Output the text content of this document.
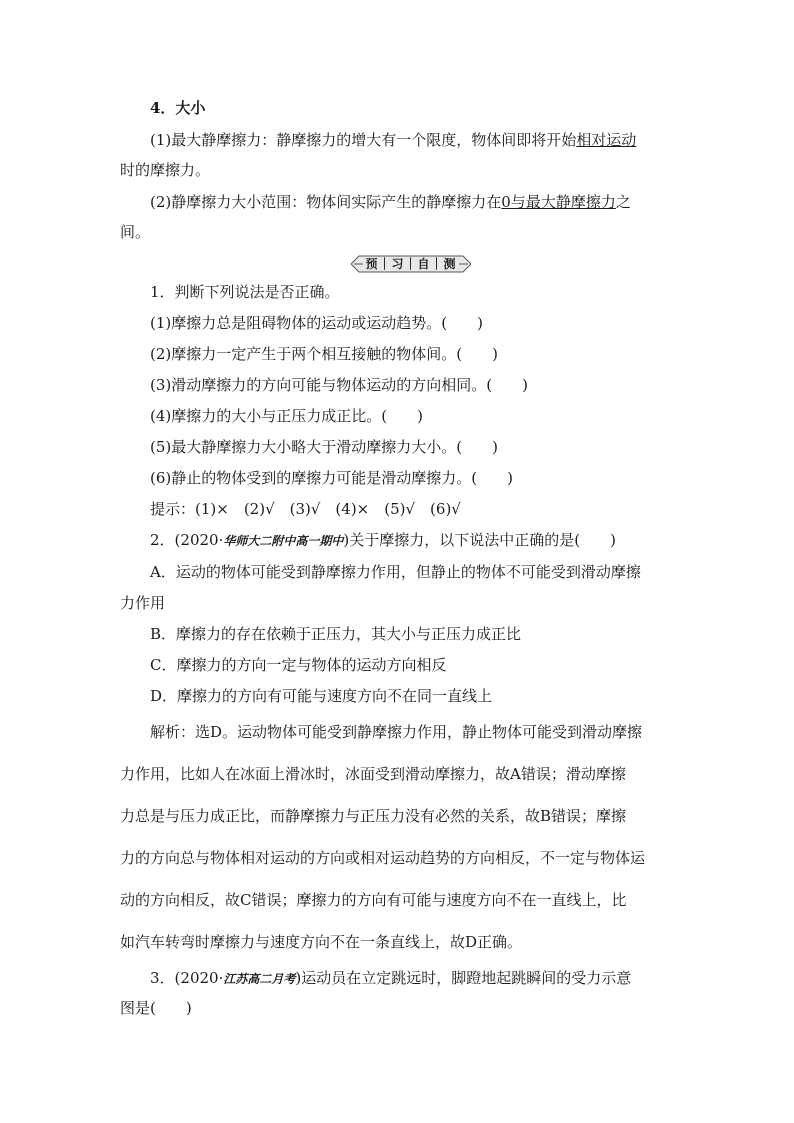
4．大小
(1)最大静摩擦力：静摩擦力的增大有一个限度，物体间即将开始相对运动
时的摩擦力。
(2)静摩擦力大小范围：物体间实际产生的静摩擦力在0与最大静摩擦力之
间。
预｜习｜自｜测
1．判断下列说法是否正确。
(1)摩擦力总是阻碍物体的运动或运动趋势。(　　)
(2)摩擦力一定产生于两个相互接触的物体间。(　　)
(3)滑动摩擦力的方向可能与物体运动的方向相同。(　　)
(4)摩擦力的大小与正压力成正比。(　　)
(5)最大静摩擦力大小略大于滑动摩擦力大小。(　　)
(6)静止的物体受到的摩擦力可能是滑动摩擦力。(　　)
提示：(1)×　(2)√　(3)√　(4)×　(5)√　(6)√
2．(2020·华师大二附中高一期中)关于摩擦力，以下说法中正确的是(　　)
A．运动的物体可能受到静摩擦力作用，但静止的物体不可能受到滑动摩擦
力作用
B．摩擦力的存在依赖于正压力，其大小与正压力成正比
C．摩擦力的方向一定与物体的运动方向相反
D．摩擦力的方向有可能与速度方向不在同一直线上
解析：选D。运动物体可能受到静摩擦力作用，静止物体可能受到滑动摩擦
力作用，比如人在冰面上滑冰时，冰面受到滑动摩擦力，故A错误；滑动摩擦
力总是与压力成正比，而静摩擦力与正压力没有必然的关系，故B错误；摩擦
力的方向总与物体相对运动的方向或相对运动趋势的方向相反，不一定与物体运
动的方向相反，故C错误；摩擦力的方向有可能与速度方向不在一直线上，比
如汽车转弯时摩擦力与速度方向不在一条直线上，故D正确。
3．(2020·江苏高二月考)运动员在立定跳远时，脚蹬地起跳瞬间的受力示意
图是(　　)
